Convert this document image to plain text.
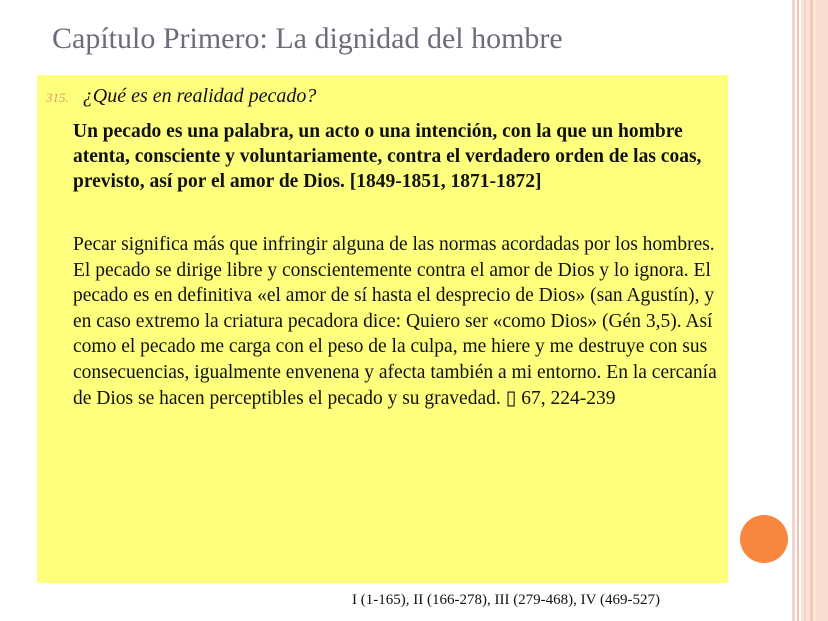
Capítulo Primero: La dignidad del hombre
315. ¿Qué es en realidad pecado?
Un pecado es una palabra, un acto o una intención, con la que un hombre atenta, consciente y voluntariamente, contra el verdadero orden de las coas, previsto, así por el amor de Dios. [1849-1851, 1871-1872]
Pecar significa más que infringir alguna de las normas acordadas por los hombres. El pecado se dirige libre y conscientemente contra el amor de Dios y lo ignora. El pecado es en definitiva «el amor de sí hasta el desprecio de Dios» (san Agustín), y en caso extremo la criatura pecadora dice: Quiero ser «como Dios» (Gén 3,5). Así como el pecado me carga con el peso de la culpa, me hiere y me destruye con sus consecuencias, igualmente envenena y afecta también a mi entorno. En la cercanía de Dios se hacen perceptibles el pecado y su gravedad. ▯ 67, 224-239
I (1-165), II (166-278), III (279-468), IV (469-527)
